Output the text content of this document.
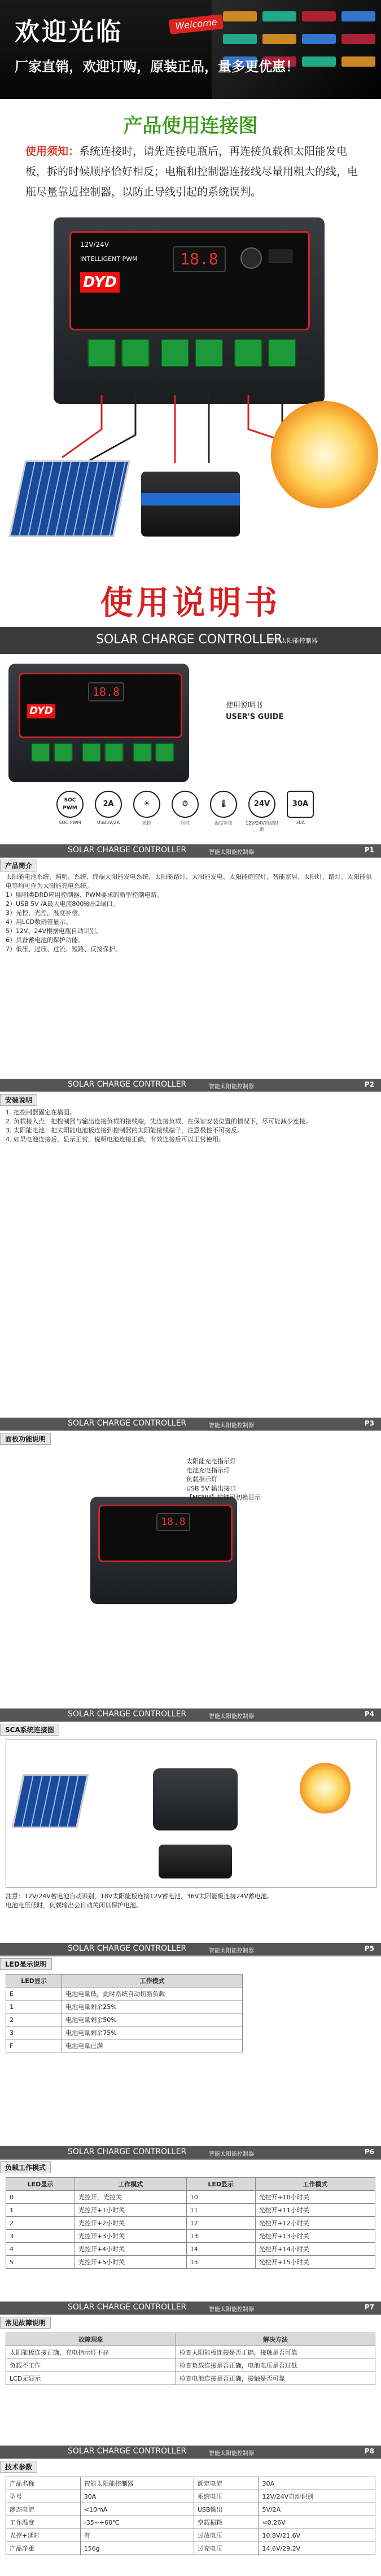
欢迎光临	Welcome
厂家直销，欢迎订购，原装正品，量多更优惠！
产品使用连接图
使用须知：系统连接时，请先连接电瓶后，再连接负载和太阳能发电板，拆的时候顺序恰好相反；电瓶和控制器连接线尽量用粗大的线，电瓶尽量靠近控制器，以防止导线引起的系统误判。
12V/24V
INTELLIGENT PWM
DYD
18.8
使用说明书
SOLAR CHARGE CONTROLLER
智能太阳能控制器
DYD
18.8
使用说明书
USER'S GUIDE
SOC PWM	2A	☀	⏱	🌡	24V	30A
SOC PWM	USB5V/2A	光控	时控	温度补偿	12V/24V自动识别
30A
SOLAR CHARGE CONTROLLER	智能太阳能控制器	P1
产品简介
太阳能电池系统、照明、系统、终端太阳能发电系统、太阳能路灯、太阳能发电、太阳能庭院灯、智能家居、太阳灯、路灯、太阳能供电等均可作为太阳能充电系统。
1）照明类DRD应用控制器、PWM要求的新型控制电路。
2）USB 5V /A最大电流800输出2端口。
3）光控、光控，温度补偿。
4）用LCD数码管显示。
5）12V、24V根据电瓶自动识别。
6）具备蓄电池的保护功能。
7）低压、过压、过流、短路、反接保护。
SOLAR CHARGE CONTROLLER	智能太阳能控制器	P2
安装说明
1. 把控制器固定在墙面。
2. 负载接入点：把控制器与输出连接负载的接线端，先连接负载，在保证安装位置的情况下，尽可能减少连接。
3. 太阳能电池：把太阳能电池板连接到控制器的太阳能接线端子，注意极性不可接反。
4. 如果电池连接后，显示正常，说明电池连接正确，有效连接后可以正常使用。
SOLAR CHARGE CONTROLLER	智能太阳能控制器	P3
面板功能说明
18.8
太阳能充电指示灯
电池充电指示灯
负载指示灯
USB 5V 输出接口
【MENU】按键可切换显示
SOLAR CHARGE CONTROLLER	智能太阳能控制器	P4
SCA系统连接图
注意：12V/24V蓄电池自动识别，18V太阳能板连接12V蓄电池，36V太阳能板连接24V蓄电池。
电池电压低时，负载输出会自动关闭以保护电池。
SOLAR CHARGE CONTROLLER	智能太阳能控制器	P5
LED显示说明
LED显示	工作模式
E	电池电量低，此时系统自动切断负载
1	电池电量剩余25%
2	电池电量剩余50%
3	电池电量剩余75%
F	电池电量已满
SOLAR CHARGE CONTROLLER	智能太阳能控制器	P6
负载工作模式
LED显示	工作模式	LED显示	工作模式
0	光控开，光控关	10	光控开+10小时关
1	光控开+1小时关	11	光控开+11小时关
2	光控开+2小时关	12	光控开+12小时关
3	光控开+3小时关	13	光控开+13小时关
4	光控开+4小时关	14	光控开+14小时关
5	光控开+5小时关	15	光控开+15小时关
SOLAR CHARGE CONTROLLER	智能太阳能控制器	P7
常见故障说明
故障现象	解决方法
太阳能板连接正确，充电指示灯不亮	检查太阳能板连接是否正确，接触是否可靠
负载不工作	检查负载连接是否正确，电池电压是否过低
LCD无显示	检查电池连接是否正确，接触是否可靠
SOLAR CHARGE CONTROLLER	智能太阳能控制器	P8
技术参数
产品名称	智能太阳能控制器	额定电流	30A
型号	30A	系统电压	12V/24V自动识别
静态电流	<10mA	USB输出	5V/2A
工作温度	-35~+60℃	空载损耗	<0.26V
光控+延时	有	过放电压	10.8V/21.6V
产品净重	156g	过充电压	14.6V/29.2V
